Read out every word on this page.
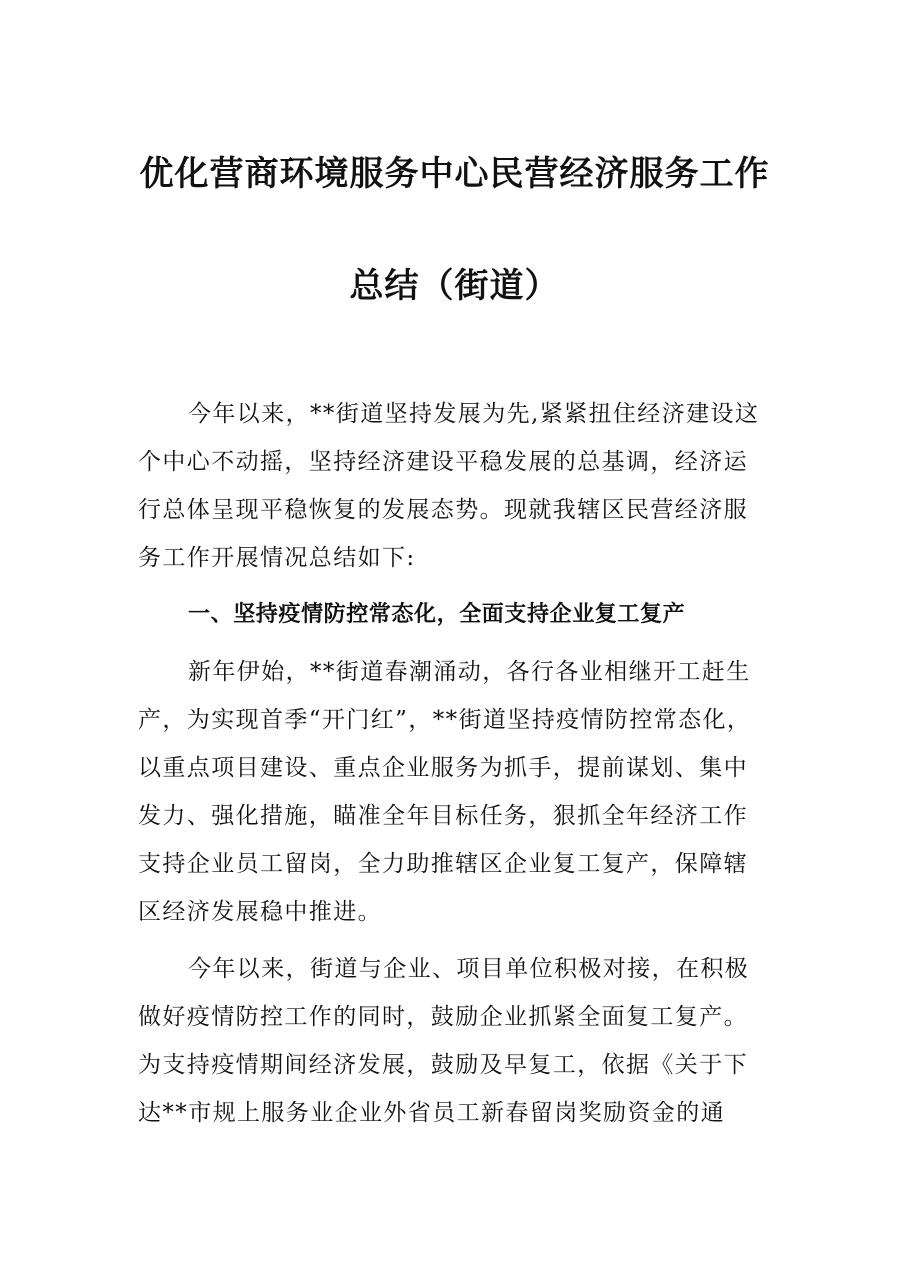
优化营商环境服务中心民营经济服务工作
总结（街道）
今年以来，**街道坚持发展为先,紧紧扭住经济建设这
个中心不动摇，坚持经济建设平稳发展的总基调，经济运
行总体呈现平稳恢复的发展态势。现就我辖区民营经济服
务工作开展情况总结如下:
一、坚持疫情防控常态化，全面支持企业复工复产
新年伊始，**街道春潮涌动，各行各业相继开工赶生
产，为实现首季“开门红”，**街道坚持疫情防控常态化，
以重点项目建设、重点企业服务为抓手，提前谋划、集中
发力、强化措施，瞄准全年目标任务，狠抓全年经济工作
支持企业员工留岗，全力助推辖区企业复工复产，保障辖
区经济发展稳中推进。
今年以来，街道与企业、项目单位积极对接，在积极
做好疫情防控工作的同时，鼓励企业抓紧全面复工复产。
为支持疫情期间经济发展，鼓励及早复工，依据《关于下
达**市规上服务业企业外省员工新春留岗奖励资金的通
